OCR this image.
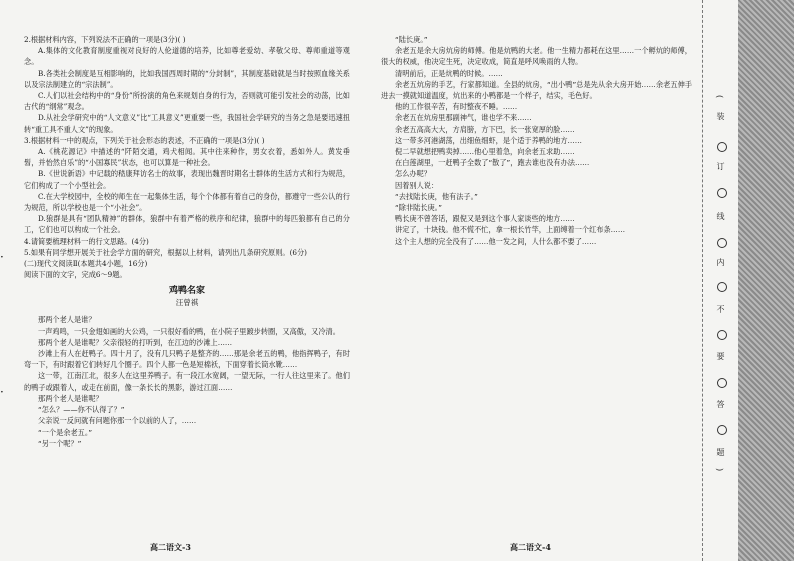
2.根据材料内容，下列说法不正确的一项是(3分)( )

A.集体的文化教育制度重视对良好的人伦道德的培养，比如尊老爱幼、孝敬父母、尊师重道等观念。

B.各类社会制度是互相影响的，比如我国西周时期的“分封制”，其制度基础就是当时按照血缘关系以及宗法制建立的“宗法制”。

C.人们以社会结构中的“身份”所扮演的角色来规划自身的行为，否则就可能引发社会的动荡，比如古代的“纲常”观念。

D.从社会学研究中的“人文意义”比“工具意义”更重要一些，我国社会学研究的当务之急是要迅速扭转“重工具不重人文”的现象。

3.根据材料一中的观点，下列关于社会形态的表述，不正确的一项是(3分)( )

A.《桃花源记》中描述的“阡陌交通，鸡犬相闻。其中往来种作，男女衣着，悉如外人。黄发垂髫，并怡然自乐”的“小国寡民”状态，也可以算是一种社会。

B.《世说新语》中记载的嵇康拜访名士的故事，表现出魏晋时期名士群体的生活方式和行为规范，它们构成了一个小型社会。

C.在大学校园中，全校的师生在一起集体生活，每个个体都有着自己的身份，都遵守一些公认的行为规范，所以学校也是一个“小社会”。

D.狼群是具有“团队精神”的群体，狼群中有着严格的秩序和纪律，狼群中的每匹狼都有自己的分工，它们也可以构成一个社会。

4.请简要梳理材料一的行文思路。(4分)

5.如果有同学想开展关于社会学方面的研究，根据以上材料，请列出几条研究原则。(6分)

(二)现代文阅读Ⅱ(本题共4小题，16分)

阅读下面的文字，完成6～9题。

鸡鸭名家
汪曾祺

那两个老人是谁？

一声鸡鸣，一只金翅如画的大公鸡，一只很好看的鸭，在小院子里踱步转圈，又高傲，又冷清。

那两个老人是谁呢？父亲很轻的打听到，在江边的沙滩上……

沙滩上有人在赶鸭子。四十月了，没有几只鸭子是整齐的……那是余老五的鸭，他指挥鸭子，有时弯一下，有时跟着它们转好几个圈子。四个人都一色是短棉袄，下面穿着长筒水靴……

这一带，江南江北，很多人在这里养鸭子。有一段江水宽阔，一望无际，一行人往这里来了。他们的鸭子或跟着人，或走在前面，像一条长长的黑影，游过江面……

那两个老人是谁呢？

“怎么？——你不认得了？”

父亲说一反问就有问题你那一个以前的人了，……

“一个是余老五。”

“另一个呢？”

高二语文-3

“陆长庚。”

余老五是余大房炕房的师傅。他是炕鸭的大老。他一生精力都耗在这里……一个孵炕的师傅，很大的权威，他决定生死，决定收成，简直是呼风唤雨的人物。

清明前后，正是炕鸭的时候。……

余老五炕房的手艺，行家都知道。全县的炕房，“出小鸭”总是先从余大房开始……余老五伸手进去一摸就知道温度，炕出来的小鸭都是一个样子，结实，毛色好。

他的工作很辛苦，有时整夜不睡。……

余老五在炕房里那副神气，谁也学不来……

余老五高高大大，方肩膀，方下巴，长一张宽厚的脸……

这一带多河港湖荡，出细鱼细虾，是个适于养鸭的地方……

倪二早就想把鸭卖掉……他心里着急，向余老五求助……

在白莲湖里，一赶鸭子全数了“散了”，跑去谁也没有办法……

怎么办呢？

因着别人说：

“去找陆长庚，他有法子。”

“除非陆长庚。”

鸭长庚不曾答话，跟倪又是到这个事人家谈些的地方……

讲定了，十块钱。他不慌不忙，拿一根长竹竿，上面缚着一个红布条……

这个主人想的完全没有了……他一发之间，人什么都不要了……

高二语文-4
(
装
订
线
内
不
要
答
题
)
·
·
